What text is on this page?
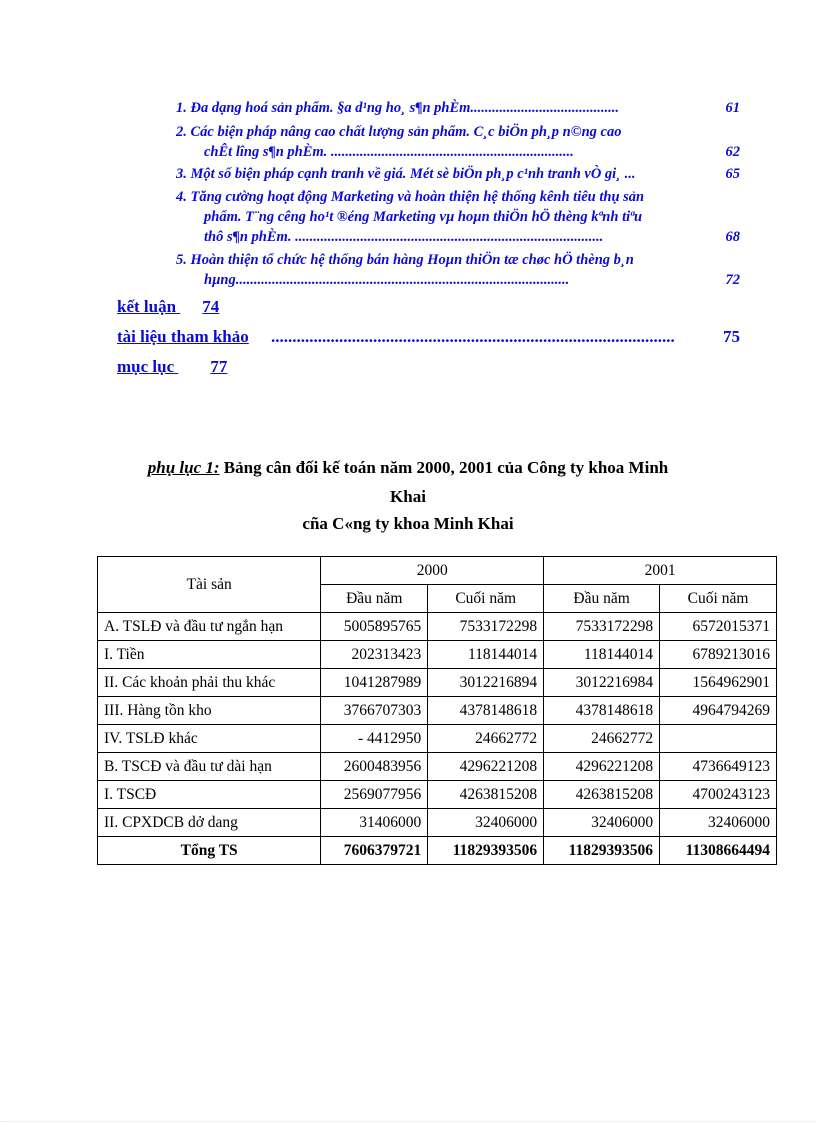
1. Đa dạng hoá sản phẩm. §a d¹ng ho¸ s¶n phÈm.........................................	61
2. Các biện pháp nâng cao chất lượng sản phẩm. C¸c biÖn ph¸p n©ng cao
chÊt lîng s¶n phÈm. ...................................................................	62
3. Một số biện pháp cạnh tranh về giá. Mét sè biÖn ph¸p c¹nh tranh vÒ gi¸ ...	65
4. Tăng cường hoạt động Marketing và hoàn thiện hệ thống kênh tiêu thụ sản
phẩm. T¨ng cêng ho¹t ®éng Marketing vµ hoµn thiÖn hÖ thèng kªnh tiªu
thô s¶n phÈm. .....................................................................................	68
5. Hoàn thiện tổ chức hệ thống bán hàng Hoµn thiÖn tæ chøc hÖ thèng b¸n
hµng............................................................................................	72
kết luận 74
tài liệu tham khảo ...............................................................................................	75
mục lục 77
phụ lục 1: Bảng cân đối kế toán năm 2000, 2001 của Công ty khoa Minh
Khai
cña C«ng ty khoa Minh Khai
Tài sản	2000		2001	
	Đầu năm	Cuối năm	Đầu năm	Cuối năm
A. TSLĐ và đầu tư ngắn hạn	5005895765	7533172298	7533172298	6572015371
I. Tiền	202313423	118144014	118144014	6789213016
II. Các khoản phải thu khác	1041287989	3012216894	3012216984	1564962901
III. Hàng tồn kho	3766707303	4378148618	4378148618	4964794269
IV. TSLĐ khác	- 4412950	24662772	24662772	
B. TSCĐ và đầu tư dài hạn	2600483956	4296221208	4296221208	4736649123
I. TSCĐ	2569077956	4263815208	4263815208	4700243123
II. CPXDCB dở dang	31406000	32406000	32406000	32406000
Tổng TS	7606379721	11829393506	11829393506	11308664494
